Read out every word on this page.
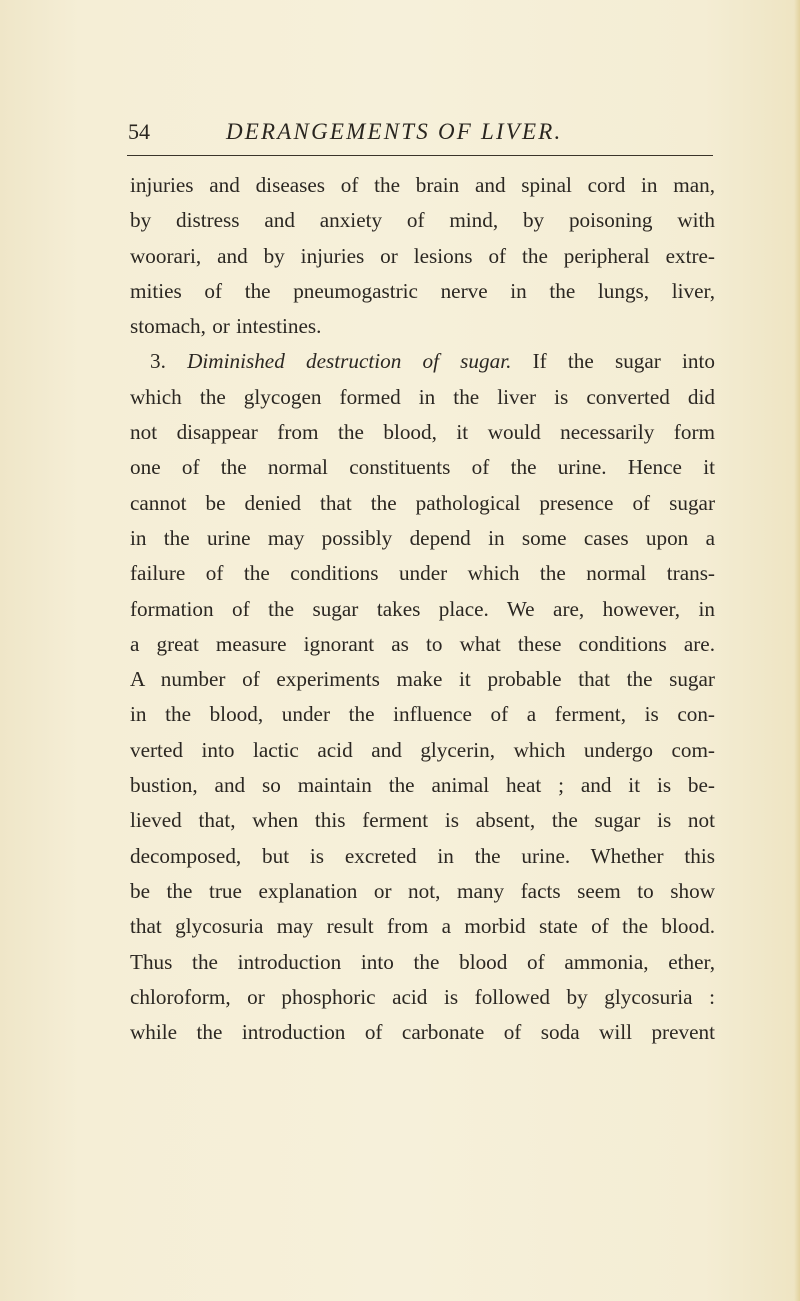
54	DERANGEMENTS OF LIVER.
injuries and diseases of the brain and spinal cord in man,
by distress and anxiety of mind, by poisoning with
woorari, and by injuries or lesions of the peripheral extre-
mities of the pneumogastric nerve in the lungs, liver,
stomach, or intestines.
3. Diminished destruction of sugar. If the sugar into
which the glycogen formed in the liver is converted did
not disappear from the blood, it would necessarily form
one of the normal constituents of the urine. Hence it
cannot be denied that the pathological presence of sugar
in the urine may possibly depend in some cases upon a
failure of the conditions under which the normal trans-
formation of the sugar takes place. We are, however, in
a great measure ignorant as to what these conditions are.
A number of experiments make it probable that the sugar
in the blood, under the influence of a ferment, is con-
verted into lactic acid and glycerin, which undergo com-
bustion, and so maintain the animal heat ; and it is be-
lieved that, when this ferment is absent, the sugar is not
decomposed, but is excreted in the urine. Whether this
be the true explanation or not, many facts seem to show
that glycosuria may result from a morbid state of the blood.
Thus the introduction into the blood of ammonia, ether,
chloroform, or phosphoric acid is followed by glycosuria :
while the introduction of carbonate of soda will prevent
